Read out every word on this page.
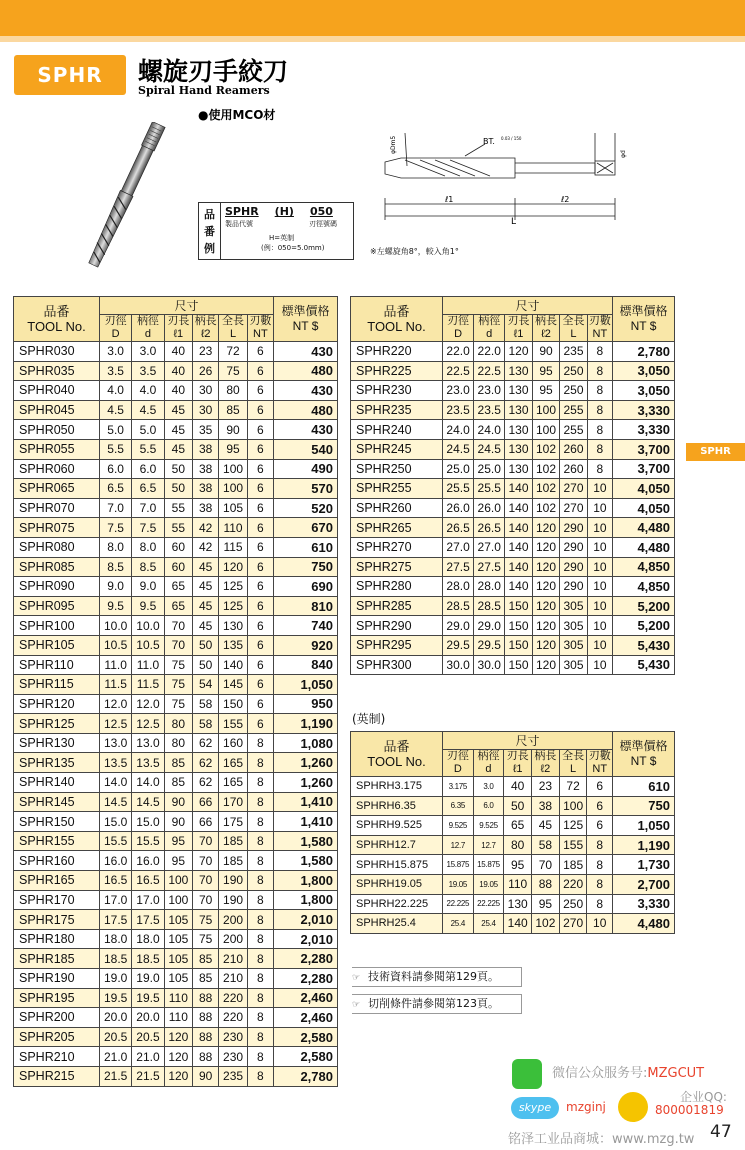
SPHR	螺旋刃手絞刀
Spiral Hand Reamers
●使用MCO材
BT. 0.03 / 150
φDm5
φd
ℓ1	ℓ2
L
品番例
SPHR (H) 050
製品代號	刃徑號碼
H=英制
(例：050=5.0mm)	※左螺旋角8°，較入角1°
品番
TOOL No.	尺寸						標準價格
NT $
	刃徑
D	柄徑
d	刃長
ℓ1	柄長
ℓ2	全長
L	刃數
NT	
SPHR030	3.0	3.0	40	23	72	6	430
SPHR035	3.5	3.5	40	26	75	6	480
SPHR040	4.0	4.0	40	30	80	6	430
SPHR045	4.5	4.5	45	30	85	6	480
SPHR050	5.0	5.0	45	35	90	6	430
SPHR055	5.5	5.5	45	38	95	6	540
SPHR060	6.0	6.0	50	38	100	6	490
SPHR065	6.5	6.5	50	38	100	6	570
SPHR070	7.0	7.0	55	38	105	6	520
SPHR075	7.5	7.5	55	42	110	6	670
SPHR080	8.0	8.0	60	42	115	6	610
SPHR085	8.5	8.5	60	45	120	6	750
SPHR090	9.0	9.0	65	45	125	6	690
SPHR095	9.5	9.5	65	45	125	6	810
SPHR100	10.0	10.0	70	45	130	6	740
SPHR105	10.5	10.5	70	50	135	6	920
SPHR110	11.0	11.0	75	50	140	6	840
SPHR115	11.5	11.5	75	54	145	6	1,050
SPHR120	12.0	12.0	75	58	150	6	950
SPHR125	12.5	12.5	80	58	155	6	1,190
SPHR130	13.0	13.0	80	62	160	8	1,080
SPHR135	13.5	13.5	85	62	165	8	1,260
SPHR140	14.0	14.0	85	62	165	8	1,260
SPHR145	14.5	14.5	90	66	170	8	1,410
SPHR150	15.0	15.0	90	66	175	8	1,410
SPHR155	15.5	15.5	95	70	185	8	1,580
SPHR160	16.0	16.0	95	70	185	8	1,580
SPHR165	16.5	16.5	100	70	190	8	1,800
SPHR170	17.0	17.0	100	70	190	8	1,800
SPHR175	17.5	17.5	105	75	200	8	2,010
SPHR180	18.0	18.0	105	75	200	8	2,010
SPHR185	18.5	18.5	105	85	210	8	2,280
SPHR190	19.0	19.0	105	85	210	8	2,280
SPHR195	19.5	19.5	110	88	220	8	2,460
SPHR200	20.0	20.0	110	88	220	8	2,460
SPHR205	20.5	20.5	120	88	230	8	2,580
SPHR210	21.0	21.0	120	88	230	8	2,580
SPHR215	21.5	21.5	120	90	235	8	2,780
品番
TOOL No.	尺寸						標準價格
NT $
	刃徑
D	柄徑
d	刃長
ℓ1	柄長
ℓ2	全長
L	刃數
NT	
SPHR220	22.0	22.0	120	90	235	8	2,780
SPHR225	22.5	22.5	130	95	250	8	3,050
SPHR230	23.0	23.0	130	95	250	8	3,050
SPHR235	23.5	23.5	130	100	255	8	3,330
SPHR240	24.0	24.0	130	100	255	8	3,330
SPHR245	24.5	24.5	130	102	260	8	3,700
SPHR250	25.0	25.0	130	102	260	8	3,700
SPHR255	25.5	25.5	140	102	270	10	4,050
SPHR260	26.0	26.0	140	102	270	10	4,050
SPHR265	26.5	26.5	140	120	290	10	4,480
SPHR270	27.0	27.0	140	120	290	10	4,480
SPHR275	27.5	27.5	140	120	290	10	4,850
SPHR280	28.0	28.0	140	120	290	10	4,850
SPHR285	28.5	28.5	150	120	305	10	5,200
SPHR290	29.0	29.0	150	120	305	10	5,200
SPHR295	29.5	29.5	150	120	305	10	5,430
SPHR300	30.0	30.0	150	120	305	10	5,430
(英制)
品番
TOOL No.	尺寸						標準價格
NT $
	刃徑
D	柄徑
d	刃長
ℓ1	柄長
ℓ2	全長
L	刃數
NT	
SPHRH3.175	3.175	3.0	40	23	72	6	610
SPHRH6.35	6.35	6.0	50	38	100	6	750
SPHRH9.525	9.525	9.525	65	45	125	6	1,050
SPHRH12.7	12.7	12.7	80	58	155	8	1,190
SPHRH15.875	15.875	15.875	95	70	185	8	1,730
SPHRH19.05	19.05	19.05	110	88	220	8	2,700
SPHRH22.225	22.225	22.225	130	95	250	8	3,330
SPHRH25.4	25.4	25.4	140	102	270	10	4,480
☞ 技術資料請參閱第129頁。
☞ 切削條件請參閱第123頁。
SPHR
微信公众服务号:MZGCUT
skype	mzginj
企业QQ:
800001819
铭泽工业品商城：www.mzg.tw 47
